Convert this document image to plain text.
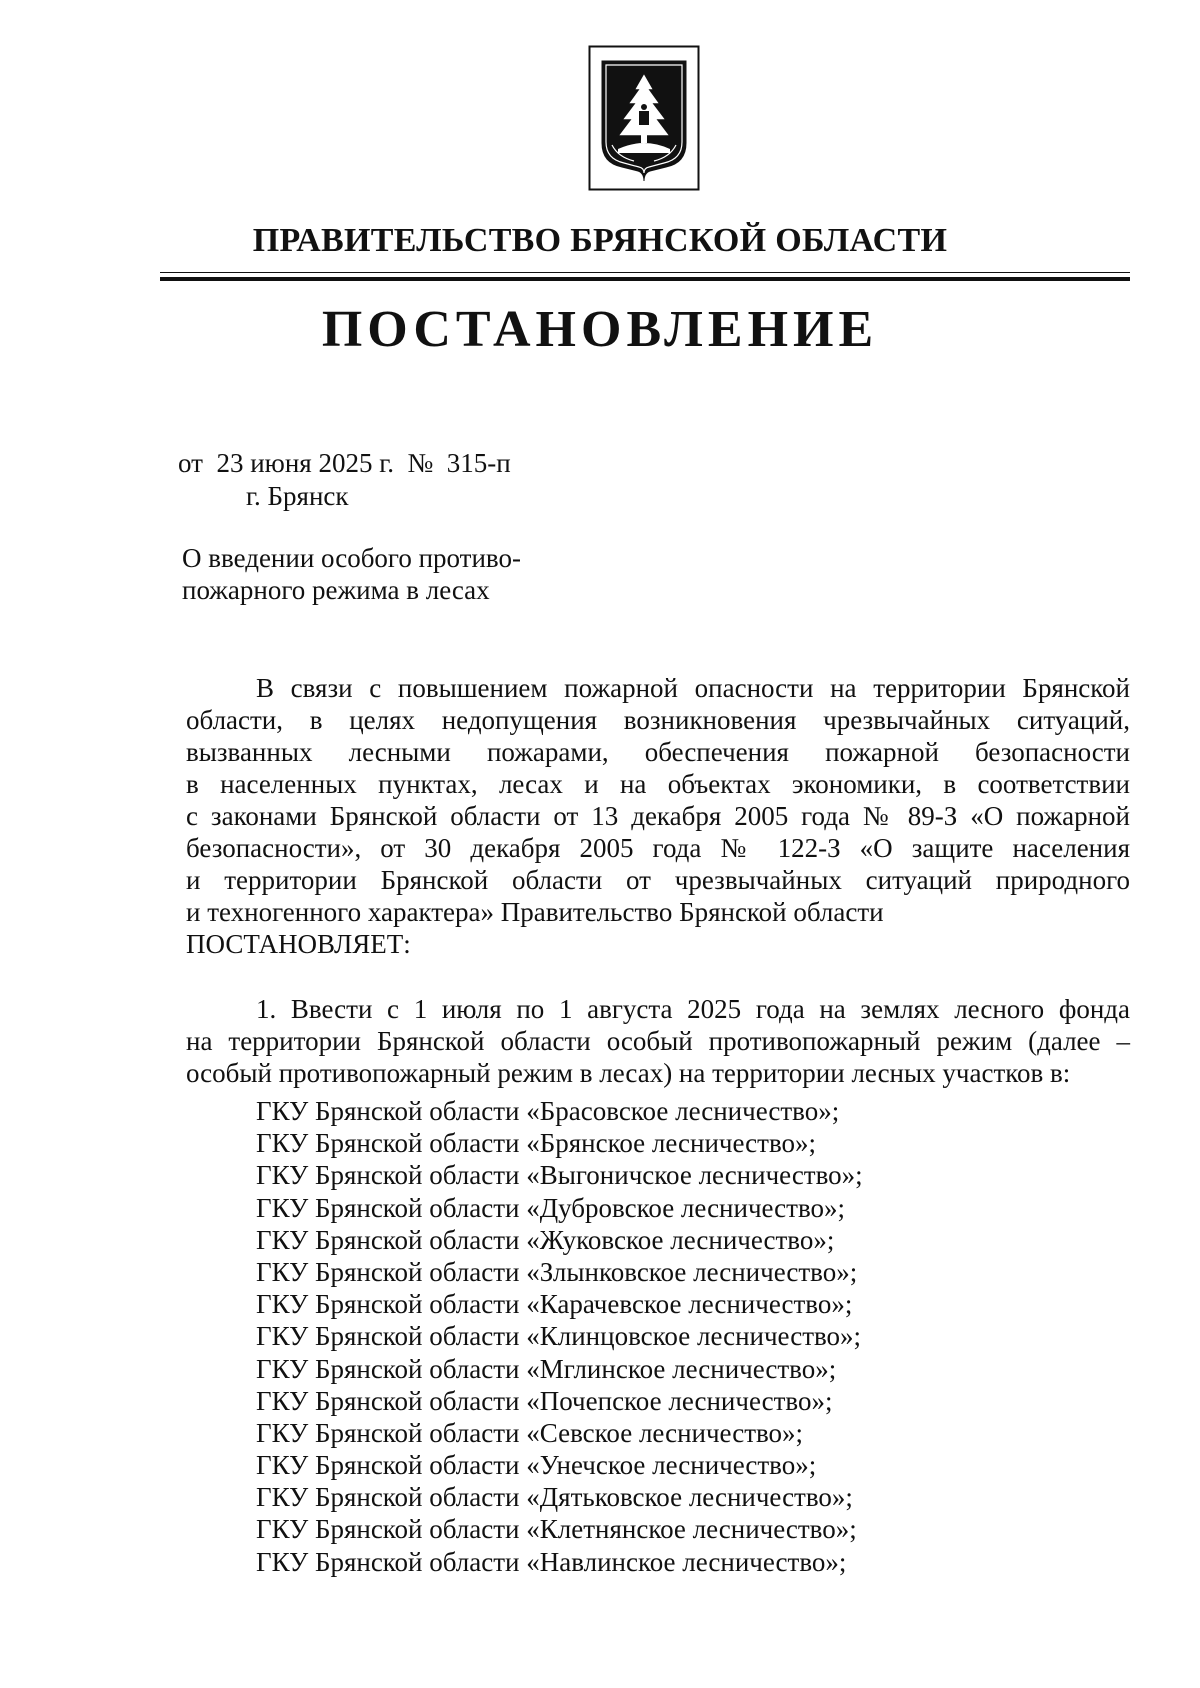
ПРАВИТЕЛЬСТВО БРЯНСКОЙ ОБЛАСТИ
ПОСТАНОВЛЕНИЕ
от 23 июня 2025 г. № 315-п
г. Брянск
О введении особого противо-
пожарного режима в лесах
В связи с повышением пожарной опасности на территории Брянской
области, в целях недопущения возникновения чрезвычайных ситуаций,
вызванных лесными пожарами, обеспечения пожарной безопасности
в населенных пунктах, лесах и на объектах экономики, в соответствии
с законами Брянской области от 13 декабря 2005 года № 89-З «О пожарной
безопасности», от 30 декабря 2005 года № 122-З «О защите населения
и территории Брянской области от чрезвычайных ситуаций природного
и техногенного характера» Правительство Брянской области
ПОСТАНОВЛЯЕТ:
1. Ввести с 1 июля по 1 августа 2025 года на землях лесного фонда
на территории Брянской области особый противопожарный режим (далее –
особый противопожарный режим в лесах) на территории лесных участков в:
ГКУ Брянской области «Брасовское лесничество»;
ГКУ Брянской области «Брянское лесничество»;
ГКУ Брянской области «Выгоничское лесничество»;
ГКУ Брянской области «Дубровское лесничество»;
ГКУ Брянской области «Жуковское лесничество»;
ГКУ Брянской области «Злынковское лесничество»;
ГКУ Брянской области «Карачевское лесничество»;
ГКУ Брянской области «Клинцовское лесничество»;
ГКУ Брянской области «Мглинское лесничество»;
ГКУ Брянской области «Почепское лесничество»;
ГКУ Брянской области «Севское лесничество»;
ГКУ Брянской области «Унечское лесничество»;
ГКУ Брянской области «Дятьковское лесничество»;
ГКУ Брянской области «Клетнянское лесничество»;
ГКУ Брянской области «Навлинское лесничество»;
